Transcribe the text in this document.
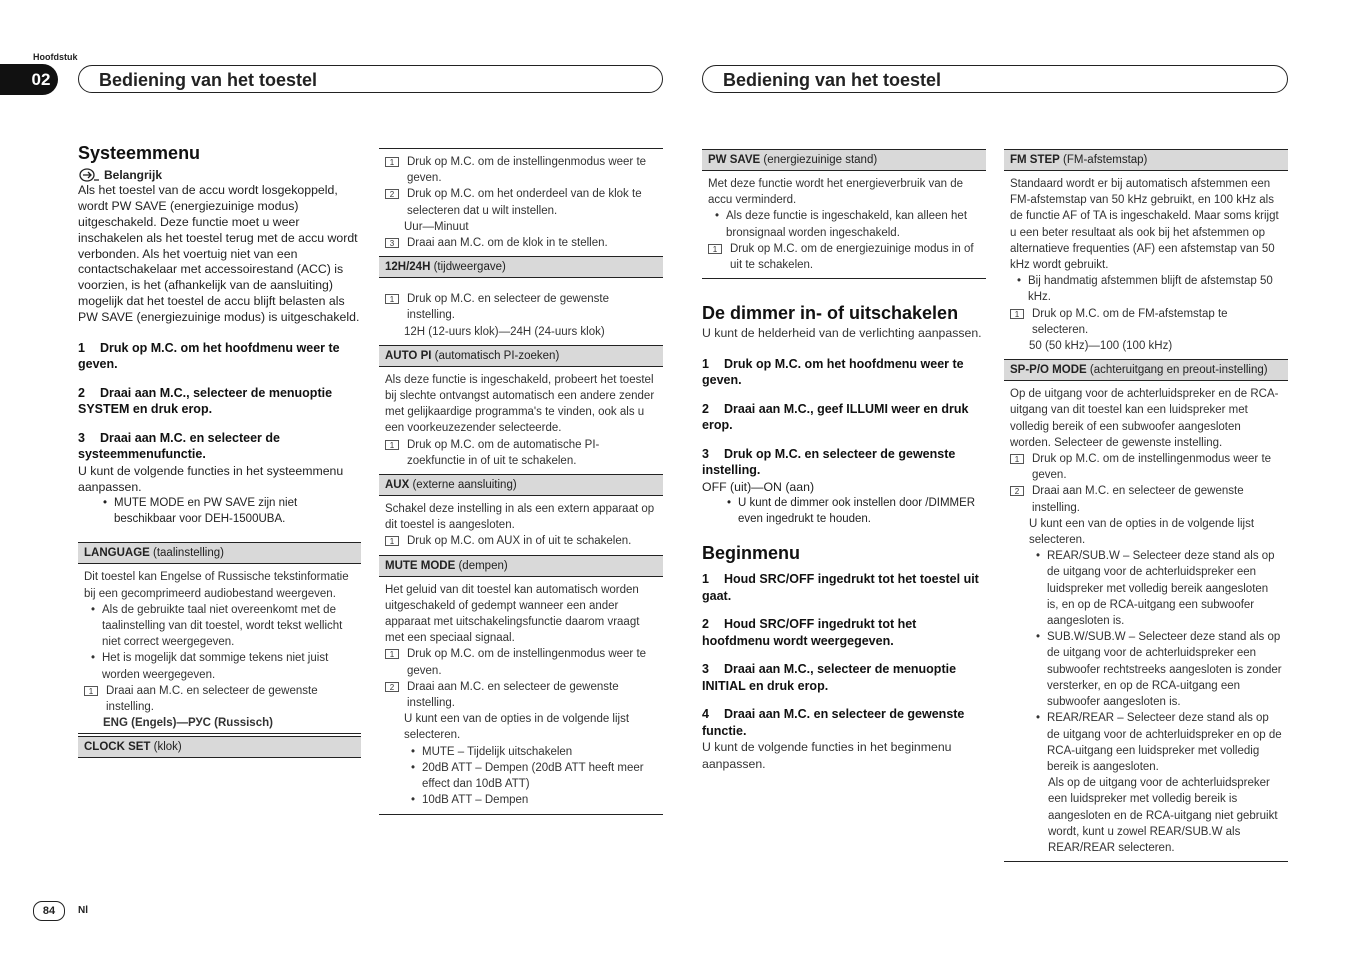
Hoofdstuk
02	Bediening van het toestel	Bediening van het toestel
Systeemmenu
Belangrijk

Als het toestel van de accu wordt losgekoppeld, wordt PW SAVE (energiezuinige modus) uitgeschakeld. Deze functie moet u weer inschakelen als het toestel terug met de accu wordt verbonden. Als het voertuig niet van een contactschakelaar met accessoirestand (ACC) is voorzien, is het (afhankelijk van de aansluiting) mogelijk dat het toestel de accu blijft belasten als PW SAVE (energiezuinige modus) is uitgeschakeld.

1 Druk op M.C. om het hoofdmenu weer te geven.
2 Draai aan M.C., selecteer de menuoptie SYSTEM en druk erop.
3 Draai aan M.C. en selecteer de systeemmenufunctie.

U kunt de volgende functies in het systeemmenu aanpassen.

• MUTE MODE en PW SAVE zijn niet beschikbaar voor DEH-1500UBA.
LANGUAGE (taalinstelling)

Dit toestel kan Engelse of Russische tekstinformatie bij een gecomprimeerd audiobestand weergeven.

• Als de gebruikte taal niet overeenkomt met de taalinstelling van dit toestel, wordt tekst wellicht niet correct weergegeven.
• Het is mogelijk dat sommige tekens niet juist worden weergegeven.
1	Draai aan M.C. en selecteer de gewenste instelling.
ENG (Engels)—РУС (Russisch)
CLOCK SET (klok)
1	Druk op M.C. om de instellingenmodus weer te geven.
2	Druk op M.C. om het onderdeel van de klok te selecteren dat u wilt instellen.
Uur—Minuut
3	Draai aan M.C. om de klok in te stellen.
12H/24H (tijdweergave)
1	Druk op M.C. en selecteer de gewenste instelling.
12H (12-uurs klok)—24H (24-uurs klok)
AUTO PI (automatisch PI-zoeken)

Als deze functie is ingeschakeld, probeert het toestel bij slechte ontvangst automatisch een andere zender met gelijkaardige programma's te vinden, ook als u een voorkeuzezender selecteerde.

1	Druk op M.C. om de automatische PI-zoekfunctie in of uit te schakelen.
AUX (externe aansluiting)

Schakel deze instelling in als een extern apparaat op dit toestel is aangesloten.

1	Druk op M.C. om AUX in of uit te schakelen.
MUTE MODE (dempen)

Het geluid van dit toestel kan automatisch worden uitgeschakeld of gedempt wanneer een ander apparaat met uitschakelingsfunctie daarom vraagt met een speciaal signaal.

1	Druk op M.C. om de instellingenmodus weer te geven.
2	Draai aan M.C. en selecteer de gewenste instelling.
U kunt een van de opties in de volgende lijst selecteren.
• MUTE – Tijdelijk uitschakelen
• 20dB ATT – Dempen (20dB ATT heeft meer effect dan 10dB ATT)
• 10dB ATT – Dempen
PW SAVE (energiezuinige stand)

Met deze functie wordt het energieverbruik van de accu verminderd.

• Als deze functie is ingeschakeld, kan alleen het bronsignaal worden ingeschakeld.
1	Druk op M.C. om de energiezuinige modus in of uit te schakelen.
De dimmer in- of uitschakelen

U kunt de helderheid van de verlichting aanpassen.

1 Druk op M.C. om het hoofdmenu weer te geven.
2 Draai aan M.C., geef ILLUMI weer en druk erop.
3 Druk op M.C. en selecteer de gewenste instelling.

OFF (uit)—ON (aan)

• U kunt de dimmer ook instellen door /DIMMER even ingedrukt te houden.
Beginmenu
1 Houd SRC/OFF ingedrukt tot het toestel uit gaat.
2 Houd SRC/OFF ingedrukt tot het hoofdmenu wordt weergegeven.
3 Draai aan M.C., selecteer de menuoptie INITIAL en druk erop.
4 Draai aan M.C. en selecteer de gewenste functie.

U kunt de volgende functies in het beginmenu aanpassen.

FM STEP (FM-afstemstap)

Standaard wordt er bij automatisch afstemmen een FM-afstemstap van 50 kHz gebruikt, en 100 kHz als de functie AF of TA is ingeschakeld. Maar soms krijgt u een beter resultaat als ook bij het afstemmen op alternatieve frequenties (AF) een afstemstap van 50 kHz wordt gebruikt.

• Bij handmatig afstemmen blijft de afstemstap 50 kHz.
1	Druk op M.C. om de FM-afstemstap te selecteren.
50 (50 kHz)—100 (100 kHz)
SP-P/O MODE (achteruitgang en preout-instelling)

Op de uitgang voor de achterluidspreker en de RCA-uitgang van dit toestel kan een luidspreker met volledig bereik of een subwoofer aangesloten worden. Selecteer de gewenste instelling.

1	Druk op M.C. om de instellingenmodus weer te geven.
2	Draai aan M.C. en selecteer de gewenste instelling.
U kunt een van de opties in de volgende lijst selecteren.
• REAR/SUB.W – Selecteer deze stand als op de uitgang voor de achterluidspreker een luidspreker met volledig bereik aangesloten is, en op de RCA-uitgang een subwoofer aangesloten is.
• SUB.W/SUB.W – Selecteer deze stand als op de uitgang voor de achterluidspreker een subwoofer rechtstreeks aangesloten is zonder versterker, en op de RCA-uitgang een subwoofer aangesloten is.
• REAR/REAR – Selecteer deze stand als op de uitgang voor de achterluidspreker en op de RCA-uitgang een luidspreker met volledig bereik is aangesloten.
Als op de uitgang voor de achterluidspreker een luidspreker met volledig bereik is aangesloten en de RCA-uitgang niet gebruikt wordt, kunt u zowel REAR/SUB.W als REAR/REAR selecteren.
84	Nl
